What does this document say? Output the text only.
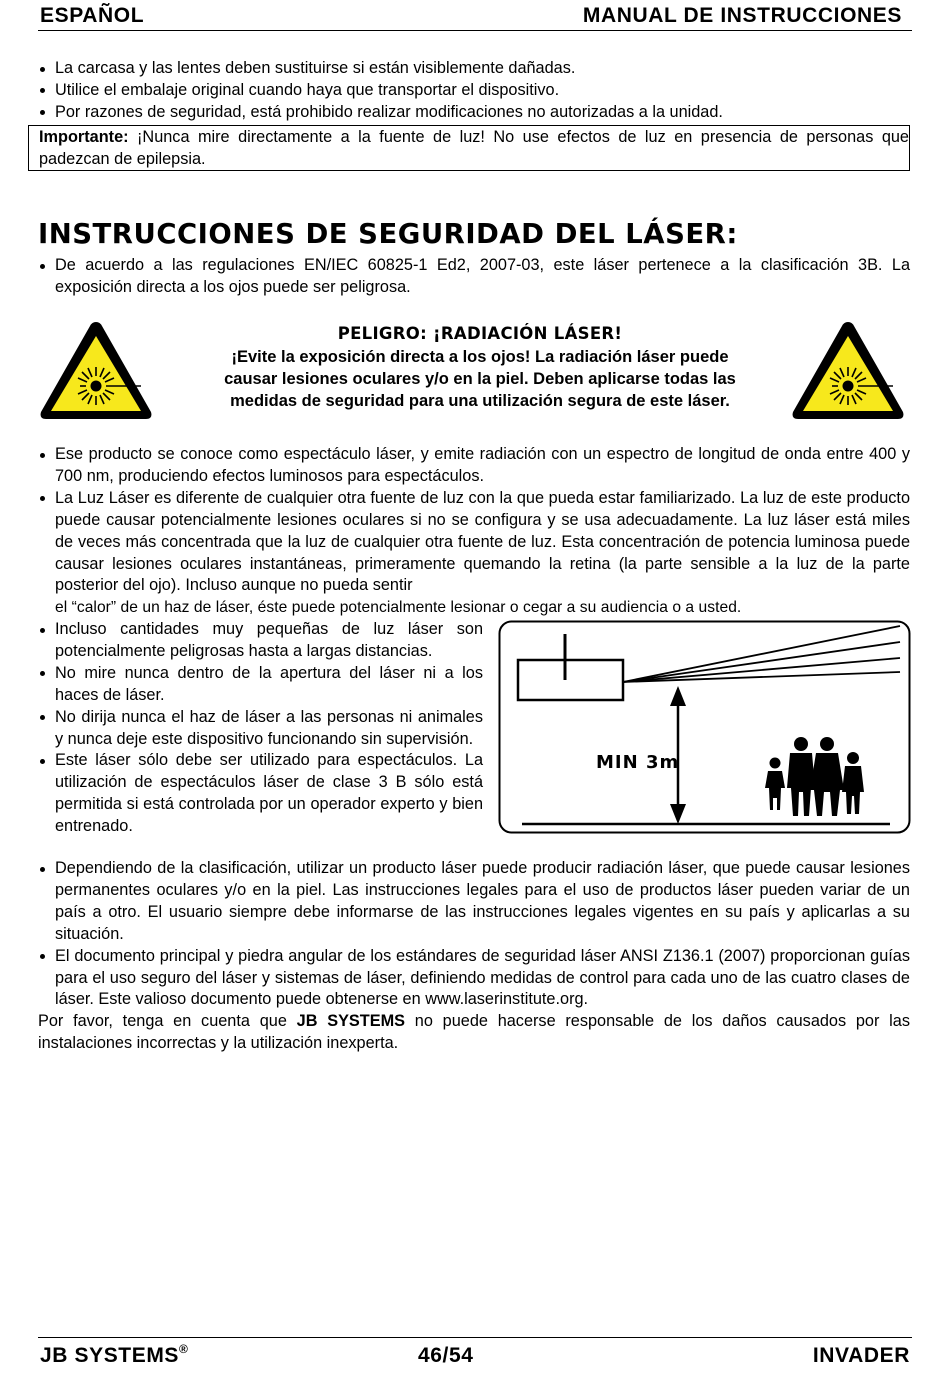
ESPAÑOL	MANUAL DE INSTRUCCIONES
La carcasa y las lentes deben sustituirse si están visiblemente dañadas.
Utilice el embalaje original cuando haya que transportar el dispositivo.
Por razones de seguridad, está prohibido realizar modificaciones no autorizadas a la unidad.
Importante: ¡Nunca mire directamente a la fuente de luz! No use efectos de luz en presencia de personas que padezcan de epilepsia.
INSTRUCCIONES DE SEGURIDAD DEL LÁSER:
De acuerdo a las regulaciones EN/IEC 60825-1 Ed2, 2007-03, este láser pertenece a la clasificación 3B. La exposición directa a los ojos puede ser peligrosa.
PELIGRO: ¡RADIACIÓN LÁSER!
¡Evite la exposición directa a los ojos! La radiación láser puede
causar lesiones oculares y/o en la piel. Deben aplicarse todas las
medidas de seguridad para una utilización segura de este láser.
Ese producto se conoce como espectáculo láser, y emite radiación con un espectro de longitud de onda entre 400 y 700 nm, produciendo efectos luminosos para espectáculos.
La Luz Láser es diferente de cualquier otra fuente de luz con la que pueda estar familiarizado. La luz de este producto puede causar potencialmente lesiones oculares si no se configura y se usa adecuadamente. La luz láser está miles de veces más concentrada que la luz de cualquier otra fuente de luz. Esta concentración de potencia luminosa puede causar lesiones oculares instantáneas, primeramente quemando la retina (la parte sensible a la luz de la parte posterior del ojo). Incluso aunque no pueda sentir
el “calor” de un haz de láser, éste puede potencialmente lesionar o cegar a su audiencia o a usted.
Incluso cantidades muy pequeñas de luz láser son potencialmente peligrosas hasta a largas distancias.
No mire nunca dentro de la apertura del láser ni a los haces de láser.
No dirija nunca el haz de láser a las personas ni animales y nunca deje este dispositivo funcionando sin supervisión.
Este láser sólo debe ser utilizado para espectáculos. La utilización de espectáculos láser de clase 3 B sólo está permitida si está controlada por un operador experto y bien entrenado.
MIN 3m
Dependiendo de la clasificación, utilizar un producto láser puede producir radiación láser, que puede causar lesiones permanentes oculares y/o en la piel. Las instrucciones legales para el uso de productos láser pueden variar de un país a otro. El usuario siempre debe informarse de las instrucciones legales vigentes en su país y aplicarlas a su situación.
El documento principal y piedra angular de los estándares de seguridad láser ANSI Z136.1 (2007) proporcionan guías para el uso seguro del láser y sistemas de láser, definiendo medidas de control para cada uno de las cuatro clases de láser. Este valioso documento puede obtenerse en www.laserinstitute.org.

Por favor, tenga en cuenta que JB SYSTEMS no puede hacerse responsable de los daños causados por las instalaciones incorrectas y la utilización inexperta.

JB SYSTEMS®	46/54	INVADER
